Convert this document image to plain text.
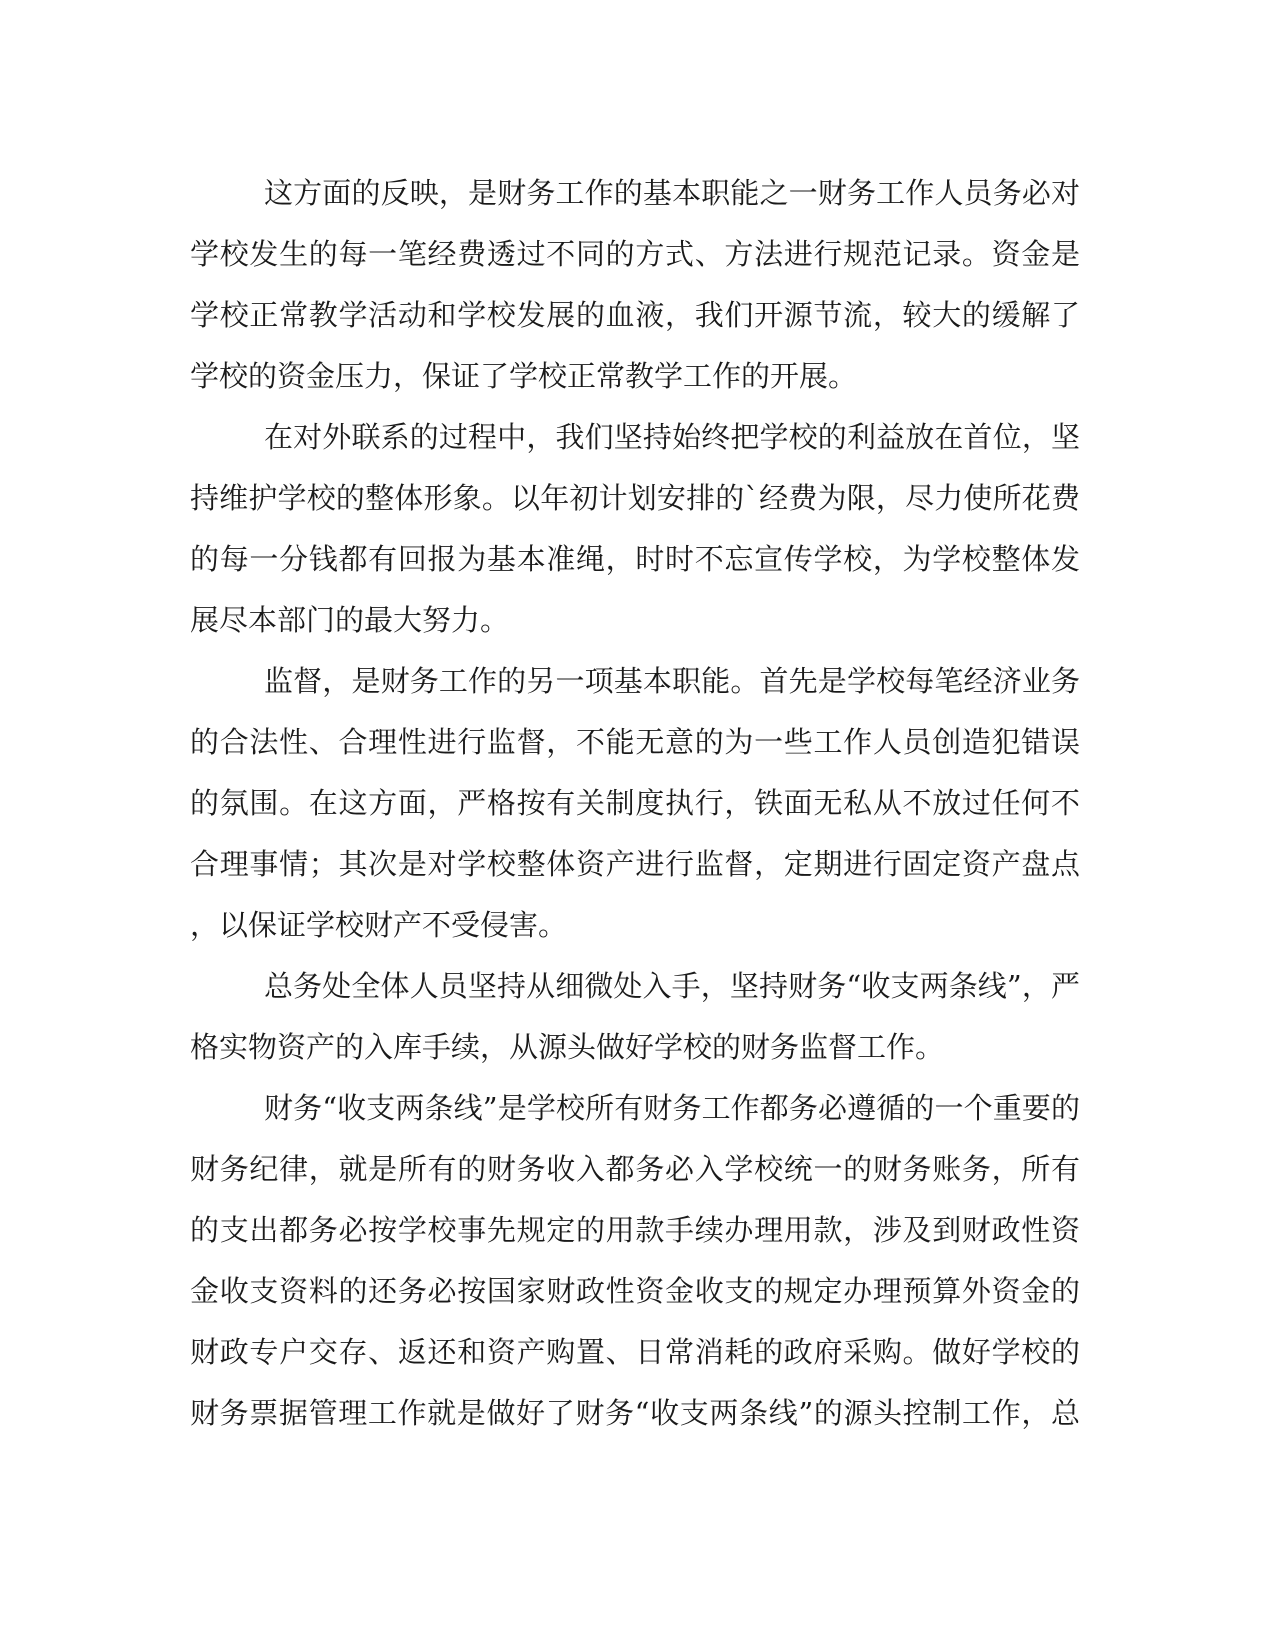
这方面的反映，是财务工作的基本职能之一财务工作人员务必对
学校发生的每一笔经费透过不同的方式、方法进行规范记录。资金是
学校正常教学活动和学校发展的血液，我们开源节流，较大的缓解了
学校的资金压力，保证了学校正常教学工作的开展。
在对外联系的过程中，我们坚持始终把学校的利益放在首位，坚
持维护学校的整体形象。以年初计划安排的`经费为限，尽力使所花费
的每一分钱都有回报为基本准绳，时时不忘宣传学校，为学校整体发
展尽本部门的最大努力。
监督，是财务工作的另一项基本职能。首先是学校每笔经济业务
的合法性、合理性进行监督，不能无意的为一些工作人员创造犯错误
的氛围。在这方面，严格按有关制度执行，铁面无私从不放过任何不
合理事情；其次是对学校整体资产进行监督，定期进行固定资产盘点
，以保证学校财产不受侵害。
总务处全体人员坚持从细微处入手，坚持财务“收支两条线”，严
格实物资产的入库手续，从源头做好学校的财务监督工作。
财务“收支两条线”是学校所有财务工作都务必遵循的一个重要的
财务纪律，就是所有的财务收入都务必入学校统一的财务账务，所有
的支出都务必按学校事先规定的用款手续办理用款，涉及到财政性资
金收支资料的还务必按国家财政性资金收支的规定办理预算外资金的
财政专户交存、返还和资产购置、日常消耗的政府采购。做好学校的
财务票据管理工作就是做好了财务“收支两条线”的源头控制工作，总
